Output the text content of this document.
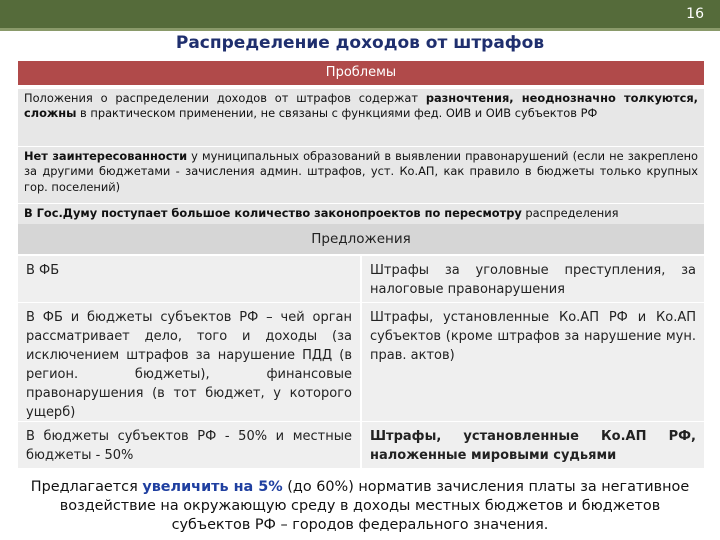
16
Распределение доходов от штрафов
Проблемы
Положения о распределении доходов от штрафов содержат разночтения, неоднозначно толкуются, сложны в практическом применении, не связаны с функциями фед. ОИВ и ОИВ субъектов РФ
Нет заинтересованности у муниципальных образований в выявлении правонарушений (если не закреплено за другими бюджетами - зачисления админ. штрафов, уст. Ко.АП, как правило в бюджеты только крупных гор. поселений)
В Гос.Думу поступает большое количество законопроектов по пересмотру распределения
Предложения
В ФБ	Штрафы за уголовные преступления, за налоговые правонарушения
В ФБ и бюджеты субъектов РФ – чей орган рассматривает дело, того и доходы (за исключением штрафов за нарушение ПДД (в регион. бюджеты), финансовые правонарушения (в тот бюджет, у которого ущерб)
Штрафы, установленные Ко.АП РФ и Ко.АП субъектов (кроме штрафов за нарушение мун. прав. актов)
В бюджеты субъектов РФ - 50% и местные бюджеты - 50%
Штрафы, установленные Ко.АП РФ, наложенные мировыми судьями
Предлагается увеличить на 5% (до 60%) норматив зачисления платы за негативное воздействие на окружающую среду в доходы местных бюджетов и бюджетов субъектов РФ – городов федерального значения.
